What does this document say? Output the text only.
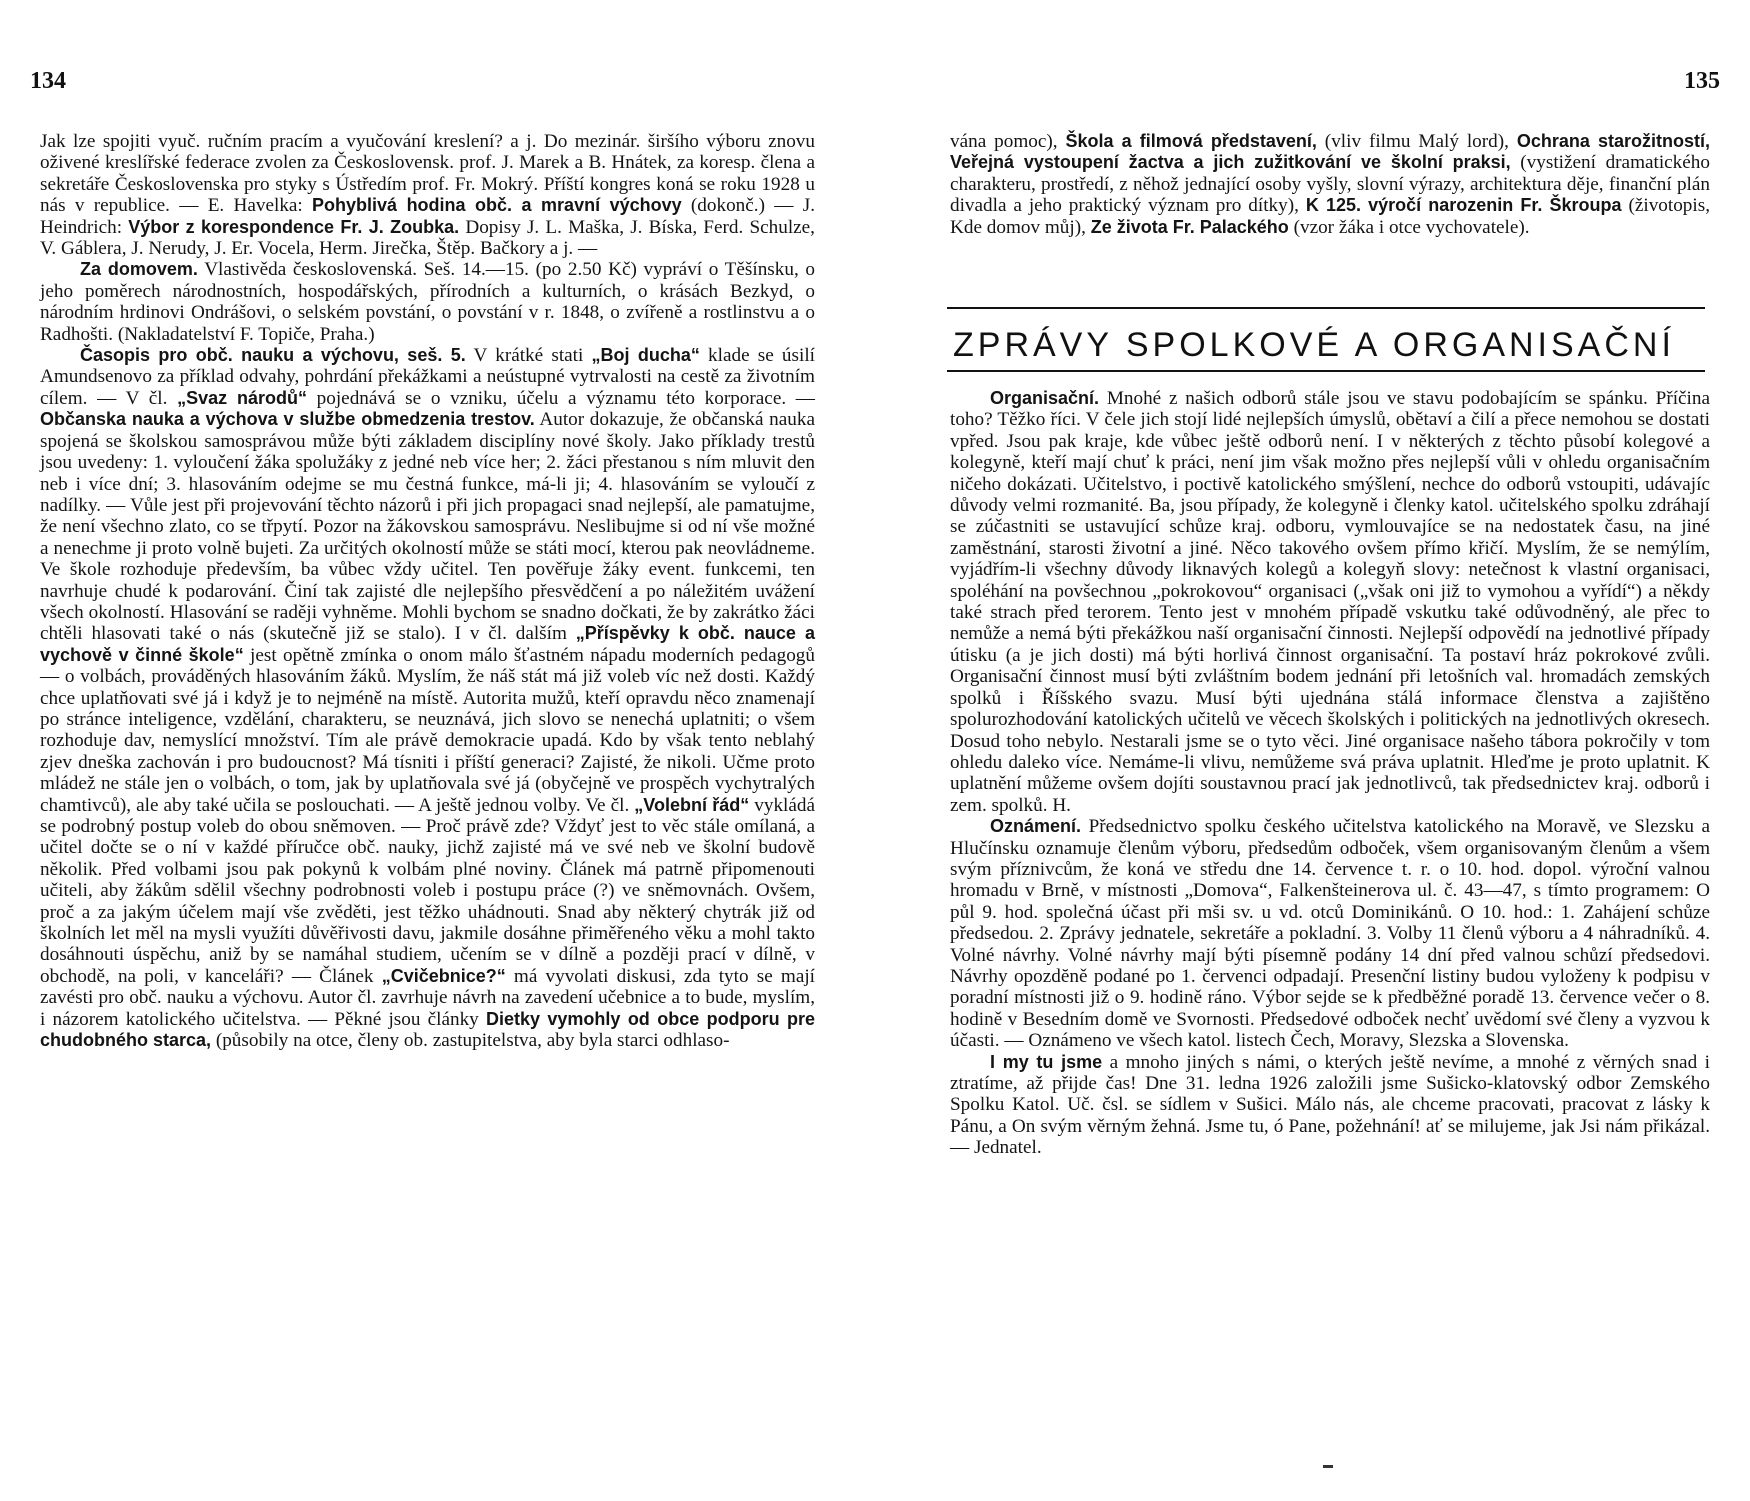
134

Jak lze spojiti vyuč. ručním pracím a vyučování kreslení? a j. Do mezinár. širšího výboru znovu oživené kreslířské federace zvolen za Československ. prof. J. Marek a B. Hnátek, za koresp. člena a sekretáře Československa pro styky s Ústředím prof. Fr. Mokrý. Příští kongres koná se roku 1928 u nás v republice. — E. Havelka: Pohyblivá hodina obč. a mravní výchovy (dokonč.) — J. Heindrich: Výbor z korespondence Fr. J. Zoubka. Dopisy J. L. Maška, J. Bíska, Ferd. Schulze, V. Gáblera, J. Nerudy, J. Er. Vocela, Herm. Jirečka, Štěp. Bačkory a j. —

Za domovem. Vlastivěda československá. Seš. 14.—15. (po 2.50 Kč) vypráví o Těšínsku, o jeho poměrech národnostních, hospodářských, přírodních a kulturních, o krásách Bezkyd, o národním hrdinovi Ondrášovi, o selském povstání, o povstání v r. 1848, o zvířeně a rostlinstvu a o Radhošti. (Nakladatelství F. Topiče, Praha.)

Časopis pro obč. nauku a výchovu, seš. 5. V krátké stati „Boj ducha“ klade se úsilí Amundsenovo za příklad odvahy, pohrdání překážkami a neústupné vytrvalosti na cestě za životním cílem. — V čl. „Svaz národů“ pojednává se o vzniku, účelu a významu této korporace. — Občanska nauka a výchova v službe obmedzenia trestov. Autor dokazuje, že občanská nauka spojená se školskou samosprávou může býti základem disciplíny nové školy. Jako příklady trestů jsou uvedeny: 1. vyloučení žáka spolužáky z jedné neb více her; 2. žáci přestanou s ním mluvit den neb i více dní; 3. hlasováním odejme se mu čestná funkce, má-li ji; 4. hlasováním se vyloučí z nadílky. — Vůle jest při projevování těchto názorů i při jich propagaci snad nejlepší, ale pamatujme, že není všechno zlato, co se třpytí. Pozor na žákovskou samosprávu. Neslibujme si od ní vše možné a nenechme ji proto volně bujeti. Za určitých okolností může se státi mocí, kterou pak neovládneme. Ve škole rozhoduje především, ba vůbec vždy učitel. Ten pověřuje žáky event. funkcemi, ten navrhuje chudé k podarování. Činí tak zajisté dle nejlepšího přesvědčení a po náležitém uvážení všech okolností. Hlasování se raději vyhněme. Mohli bychom se snadno dočkati, že by zakrátko žáci chtěli hlasovati také o nás (skutečně již se stalo). I v čl. dalším „Příspěvky k obč. nauce a vychově v činné škole“ jest opětně zmínka o onom málo šťastném nápadu moderních pedagogů — o volbách, prováděných hlasováním žáků. Myslím, že náš stát má již voleb víc než dosti. Každý chce uplatňovati své já i když je to nejméně na místě. Autorita mužů, kteří opravdu něco znamenají po stránce inteligence, vzdělání, charakteru, se neuznává, jich slovo se nenechá uplatniti; o všem rozhoduje dav, nemyslící množství. Tím ale právě demokracie upadá. Kdo by však tento neblahý zjev dneška zachován i pro budoucnost? Má tísniti i příští generaci? Zajisté, že nikoli. Učme proto mládež ne stále jen o volbách, o tom, jak by uplatňovala své já (obyčejně ve prospěch vychytralých chamtivců), ale aby také učila se poslouchati. — A ještě jednou volby. Ve čl. „Volební řád“ vykládá se podrobný postup voleb do obou sněmoven. — Proč právě zde? Vždyť jest to věc stále omílaná, a učitel dočte se o ní v každé příručce obč. nauky, jichž zajisté má ve své neb ve školní budově několik. Před volbami jsou pak pokynů k volbám plné noviny. Článek má patrně připomenouti učiteli, aby žákům sdělil všechny podrobnosti voleb i postupu práce (?) ve sněmovnách. Ovšem, proč a za jakým účelem mají vše zvěděti, jest těžko uhádnouti. Snad aby některý chytrák již od školních let měl na mysli využíti důvěřivosti davu, jakmile dosáhne přiměřeného věku a mohl takto dosáhnouti úspěchu, aniž by se namáhal studiem, učením se v dílně a později prací v dílně, v obchodě, na poli, v kanceláři? — Článek „Cvičebnice?“ má vyvolati diskusi, zda tyto se mají zavésti pro obč. nauku a výchovu. Autor čl. zavrhuje návrh na zavedení učebnice a to bude, myslím, i názorem katolického učitelstva. — Pěkné jsou články Dietky vymohly od obce podporu pre chudobného starca, (působily na otce, členy ob. zastupitelstva, aby byla starci odhlaso-

135

vána pomoc), Škola a filmová představení, (vliv filmu Malý lord), Ochrana starožitností, Veřejná vystoupení žactva a jich zužitkování ve školní praksi, (vystižení dramatického charakteru, prostředí, z něhož jednající osoby vyšly, slovní výrazy, architektura děje, finanční plán divadla a jeho praktický význam pro dítky), K 125. výročí narozenin Fr. Škroupa (životopis, Kde domov můj), Ze života Fr. Palackého (vzor žáka i otce vychovatele).

ZPRÁVY SPOLKOVÉ A ORGANISAČNÍ

Organisační. Mnohé z našich odborů stále jsou ve stavu podobajícím se spánku. Příčina toho? Těžko říci. V čele jich stojí lidé nejlepších úmyslů, obětaví a čilí a přece nemohou se dostati vpřed. Jsou pak kraje, kde vůbec ještě odborů není. I v některých z těchto působí kolegové a kolegyně, kteří mají chuť k práci, není jim však možno přes nejlepší vůli v ohledu organisačním ničeho dokázati. Učitelstvo, i poctivě katolického smýšlení, nechce do odborů vstoupiti, udávajíc důvody velmi rozmanité. Ba, jsou případy, že kolegyně i členky katol. učitelského spolku zdráhají se zúčastniti se ustavující schůze kraj. odboru, vymlouvajíce se na nedostatek času, na jiné zaměstnání, starosti životní a jiné. Něco takového ovšem přímo křičí. Myslím, že se nemýlím, vyjádřím-li všechny důvody liknavých kolegů a kolegyň slovy: netečnost k vlastní organisaci, spoléhání na povšechnou „pokrokovou“ organisaci („však oni již to vymohou a vyřídí“) a někdy také strach před terorem. Tento jest v mnohém případě vskutku také odůvodněný, ale přec to nemůže a nemá býti překážkou naší organisační činnosti. Nejlepší odpovědí na jednotlivé případy útisku (a je jich dosti) má býti horlivá činnost organisační. Ta postaví hráz pokrokové zvůli. Organisační činnost musí býti zvláštním bodem jednání při letošních val. hromadách zemských spolků i Říšského svazu. Musí býti ujednána stálá informace členstva a zajištěno spolurozhodování katolických učitelů ve věcech školských i politických na jednotlivých okresech. Dosud toho nebylo. Nestarali jsme se o tyto věci. Jiné organisace našeho tábora pokročily v tom ohledu daleko více. Nemáme-li vlivu, nemůžeme svá práva uplatnit. Hleďme je proto uplatnit. K uplatnění můžeme ovšem dojíti soustavnou prací jak jednotlivců, tak předsednictev kraj. odborů i zem. spolků. H.

Oznámení. Předsednictvo spolku českého učitelstva katolického na Moravě, ve Slezsku a Hlučínsku oznamuje členům výboru, předsedům odboček, všem organisovaným členům a všem svým příznivcům, že koná ve středu dne 14. července t. r. o 10. hod. dopol. výroční valnou hromadu v Brně, v místnosti „Domova“, Falkenšteinerova ul. č. 43—47, s tímto programem: O půl 9. hod. společná účast při mši sv. u vd. otců Dominikánů. O 10. hod.: 1. Zahájení schůze předsedou. 2. Zprávy jednatele, sekretáře a pokladní. 3. Volby 11 členů výboru a 4 náhradníků. 4. Volné návrhy. Volné návrhy mají býti písemně podány 14 dní před valnou schůzí předsedovi. Návrhy opozdĕně podané po 1. červenci odpadají. Presenční listiny budou vyloženy k podpisu v poradní místnosti již o 9. hodině ráno. Výbor sejde se k předběžné poradě 13. července večer o 8. hodině v Besedním domě ve Svornosti. Předsedové odboček nechť uvědomí své členy a vyzvou k účasti. — Oznámeno ve všech katol. listech Čech, Moravy, Slezska a Slovenska.

I my tu jsme a mnoho jiných s námi, o kterých ještě nevíme, a mnohé z věrných snad i ztratíme, až přijde čas! Dne 31. ledna 1926 založili jsme Sušicko-klatovský odbor Zemského Spolku Katol. Uč. čsl. se sídlem v Sušici. Málo nás, ale chceme pracovati, pracovat z lásky k Pánu, a On svým věrným žehná. Jsme tu, ó Pane, požehnání! ať se milujeme, jak Jsi nám přikázal. — Jednatel.
